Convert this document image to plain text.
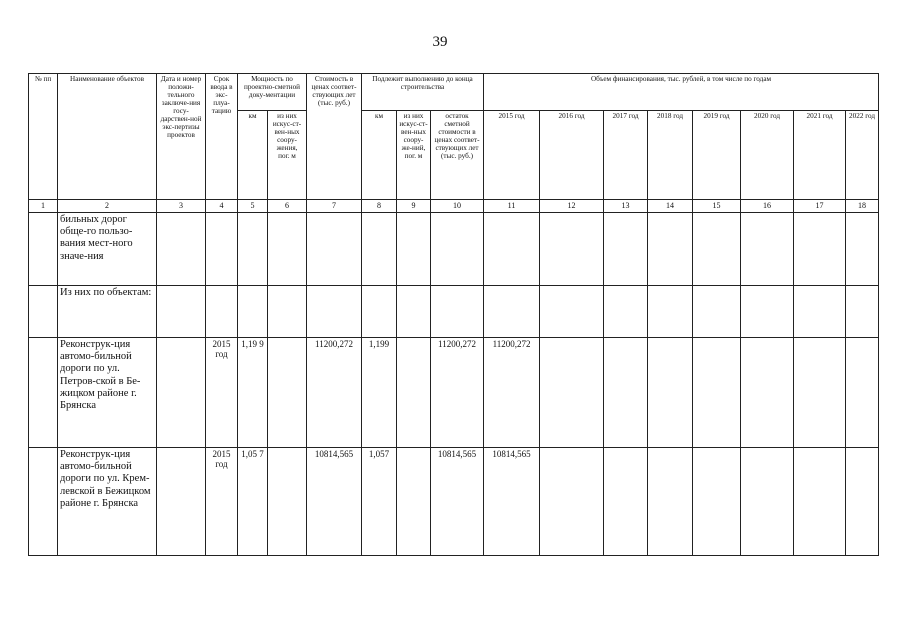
39
№ пп	Наименование объектов	Дата и номер положи-тельного заключе-ния госу-дарствен-ной экс-пертизы проектов	Срок ввода в экс-плуа-тацию	Мощность по проектно-сметной доку-ментации		Стоимость в ценах соответ-ствующих лет (тыс. руб.)	Подлежит выполнению до конца строительства			Объем финансирования, тыс. рублей, в том числе по годам							
				км	из них искус-ст-вен-ных соору-жения, пог. м		км	из них искус-ст-вен-ных соору-же-ний, пог. м	остаток сметной стоимости в ценах соответ-ствующих лет (тыс. руб.)	2015 год	2016 год	2017 год	2018 год	2019 год	2020 год	2021 год	2022 год
1	2	3	4	5	6	7	8	9	10	11	12	13	14	15	16	17	18
	бильных дорог обще-го пользо-вания мест-ного значе-ния																
	Из них по объектам:																
	Реконструк-ция автомо-бильной дороги по ул. Петров-ской в Бе-жицком районе г. Брянска		2015 год	1,19 9		11200,272	1,199		11200,272	11200,272							
	Реконструк-ция автомо-бильной дороги по ул. Крем-левской в Бежицком районе г. Брянска		2015 год	1,05 7		10814,565	1,057		10814,565	10814,565							
